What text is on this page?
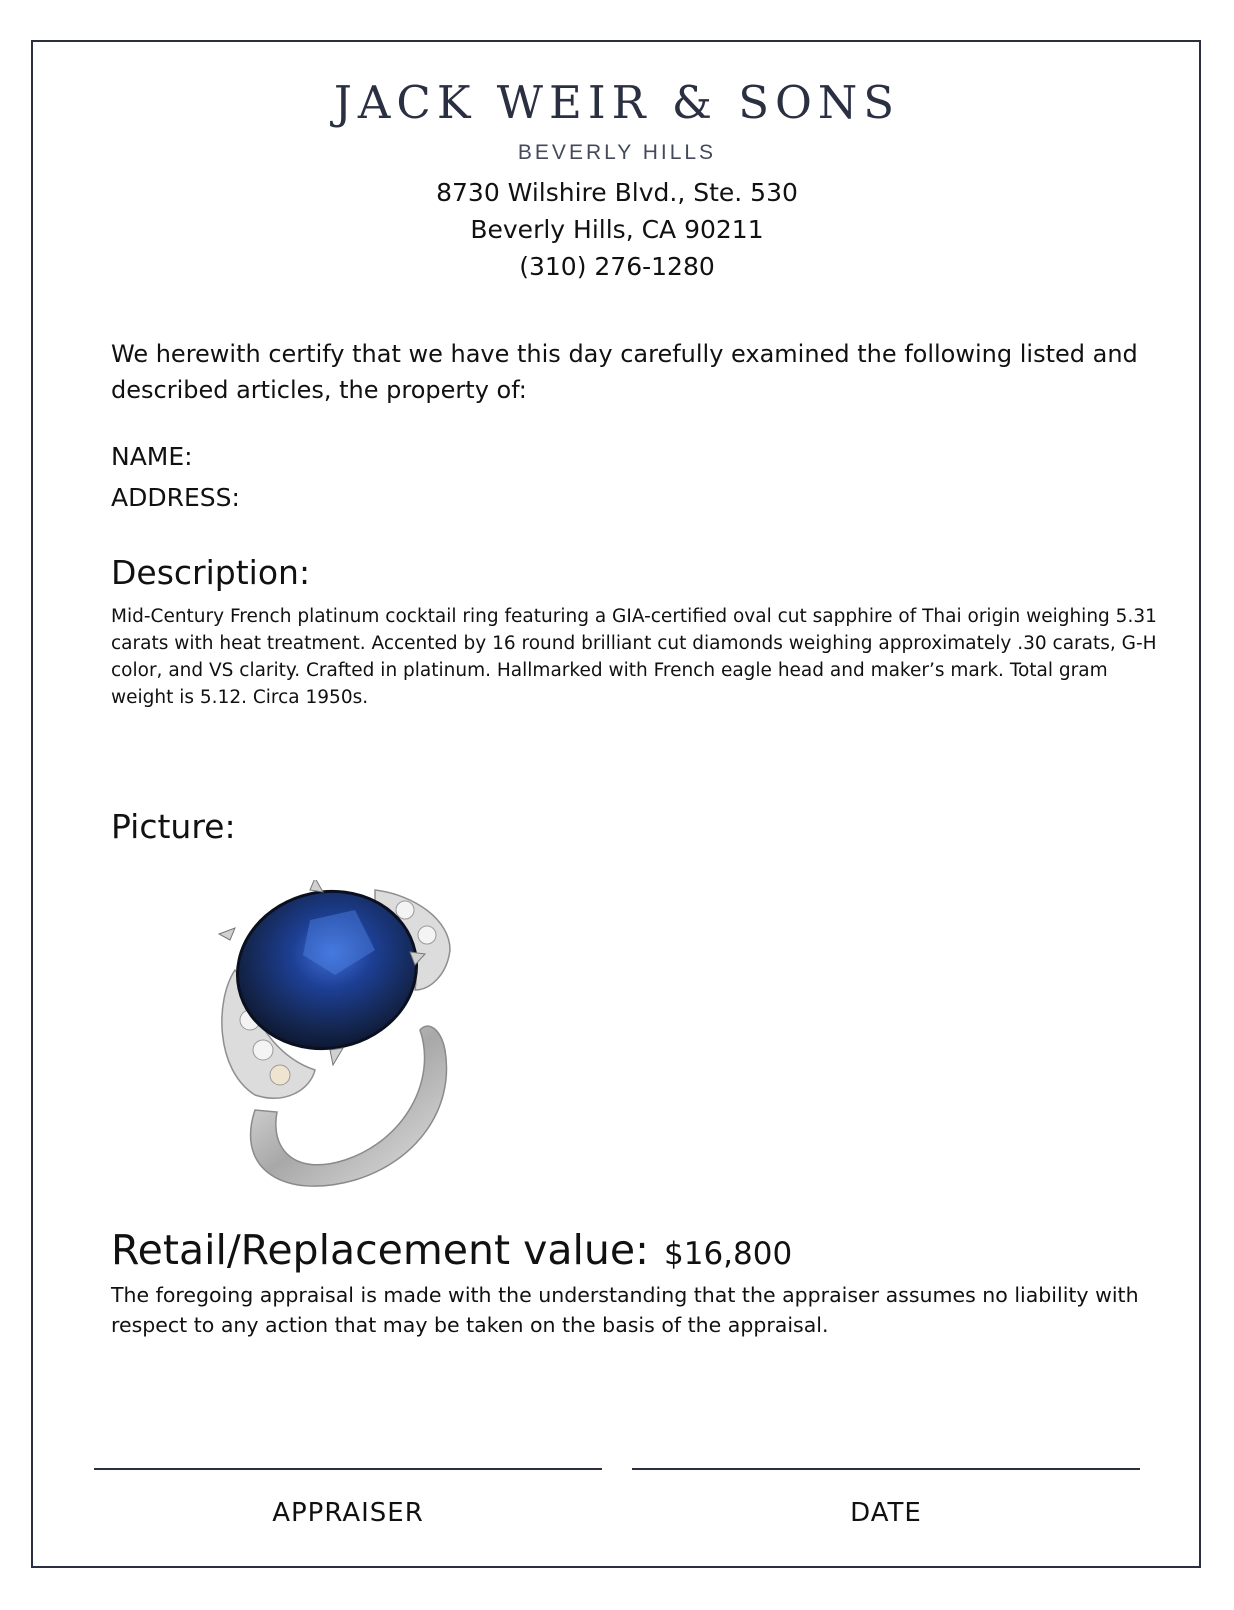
JACK WEIR & SONS
BEVERLY HILLS
8730 Wilshire Blvd., Ste. 530
Beverly Hills, CA 90211
(310) 276-1280
We herewith certify that we have this day carefully examined the following listed and described articles, the property of:
NAME:
ADDRESS:
Description:
Mid-Century French platinum cocktail ring featuring a GIA-certified oval cut sapphire of Thai origin weighing 5.31 carats with heat treatment. Accented by 16 round brilliant cut diamonds weighing approximately .30 carats, G-H color, and VS clarity. Crafted in platinum. Hallmarked with French eagle head and maker’s mark. Total gram weight is 5.12. Circa 1950s.
Picture:
Retail/Replacement value: $16,800
The foregoing appraisal is made with the understanding that the appraiser assumes no liability with respect to any action that may be taken on the basis of the appraisal.
APPRAISER	DATE
